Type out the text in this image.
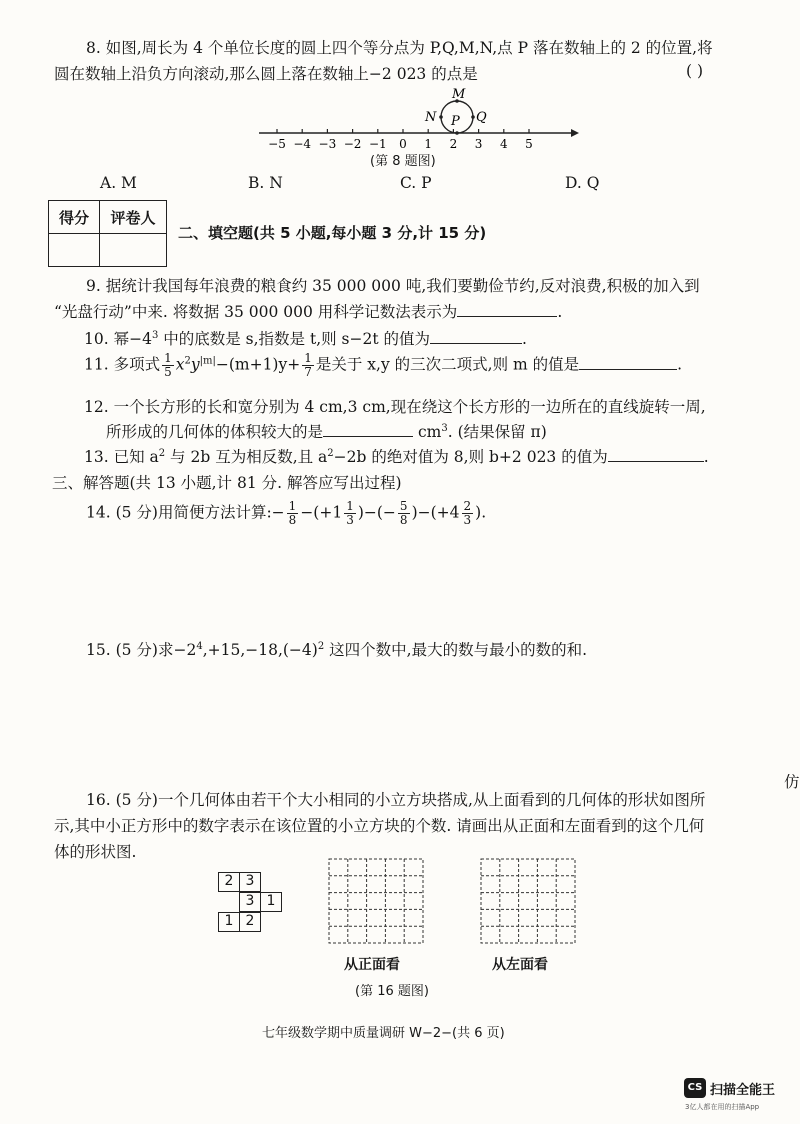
8. 如图,周长为 4 个单位长度的圆上四个等分点为 P,Q,M,N,点 P 落在数轴上的 2 的位置,将
圆在数轴上沿负方向滚动,那么圆上落在数轴上−2 023 的点是	( )
−5 −4 −3 −2 −1 0 1 2 3 4 5
M
N P Q
(第 8 题图)
A. M	B. N	C. P	D. Q
得分	评卷人

二、填空题(共 5 小题,每小题 3 分,计 15 分)
9. 据统计我国每年浪费的粮食约 35 000 000 吨,我们要勤俭节约,反对浪费,积极的加入到
“光盘行动”中来. 将数据 35 000 000 用科学记数法表示为	.
10. 幂$-4^3$ 中的底数是 s,指数是 t,则 s−2t 的值为	.
11. 多项式 $\frac{1}{5} x^2y^{|m|}-(m+1)y+ \frac{1}{7}$ 是关于 x,y 的三次二项式,则 m 的值是	.
12. 一个长方形的长和宽分别为 4 cm,3 cm,现在绕这个长方形的一边所在的直线旋转一周,
所形成的几何体的体积较大的是	$cm^3$. (结果保留 π)
13. 已知 $a^2$ 与 2b 互为相反数,且 $a^2-2b$ 的绝对值为 8,则 b+2 023 的值为	.
三、解答题(共 13 小题,计 81 分. 解答应写出过程)
14. (5 分)用简便方法计算:− $\frac{1}{8} -(+1 \frac{1}{3}$ )−(− $\frac{5}{8} )-(+4 \frac{2}{3}$ ).
15. (5 分)求$-2^4,+15,-18,(-4)^2$ 这四个数中,最大的数与最小的数的和.
仿
16. (5 分)一个几何体由若干个大小相同的小立方块搭成,从上面看到的几何体的形状如图所
示,其中小正方形中的数字表示在该位置的小立方块的个数. 请画出从正面和左面看到的这个几何
体的形状图.
2 3
3 1
1 2
从正面看	从左面看
(第 16 题图)
七年级数学期中质量调研 W−2−(共 6 页)
CS 扫描全能王
3亿人都在用的扫描App
